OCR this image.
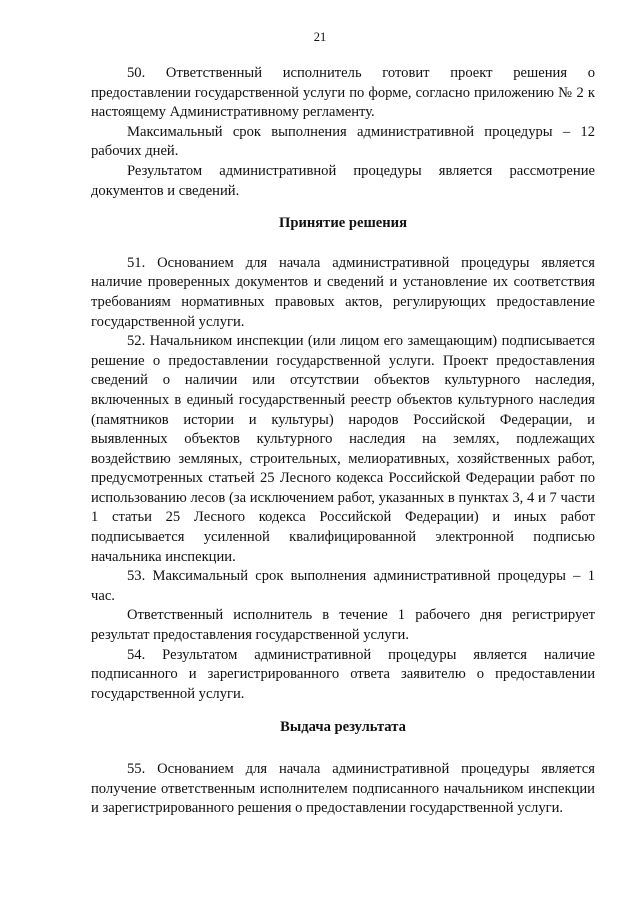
21

50. Ответственный исполнитель готовит проект решения о предоставлении государственной услуги по форме, согласно приложению № 2 к настоящему Административному регламенту.

Максимальный срок выполнения административной процедуры – 12 рабочих дней.

Результатом административной процедуры является рассмотрение документов и сведений.

Принятие решения

51. Основанием для начала административной процедуры является наличие проверенных документов и сведений и установление их соответствия требованиям нормативных правовых актов, регулирующих предоставление государственной услуги.

52. Начальником инспекции (или лицом его замещающим) подписывается решение о предоставлении государственной услуги. Проект предоставления сведений о наличии или отсутствии объектов культурного наследия, включенных в единый государственный реестр объектов культурного наследия (памятников истории и культуры) народов Российской Федерации, и выявленных объектов культурного наследия на землях, подлежащих воздействию земляных, строительных, мелиоративных, хозяйственных работ, предусмотренных статьей 25 Лесного кодекса Российской Федерации работ по использованию лесов (за исключением работ, указанных в пунктах 3, 4 и 7 части 1 статьи 25 Лесного кодекса Российской Федерации) и иных работ подписывается усиленной квалифицированной электронной подписью начальника инспекции.

53. Максимальный срок выполнения административной процедуры – 1 час.

Ответственный исполнитель в течение 1 рабочего дня регистрирует результат предоставления государственной услуги.

54. Результатом административной процедуры является наличие подписанного и зарегистрированного ответа заявителю о предоставлении государственной услуги.

Выдача результата

55. Основанием для начала административной процедуры является получение ответственным исполнителем подписанного начальником инспекции и зарегистрированного решения о предоставлении государственной услуги.
